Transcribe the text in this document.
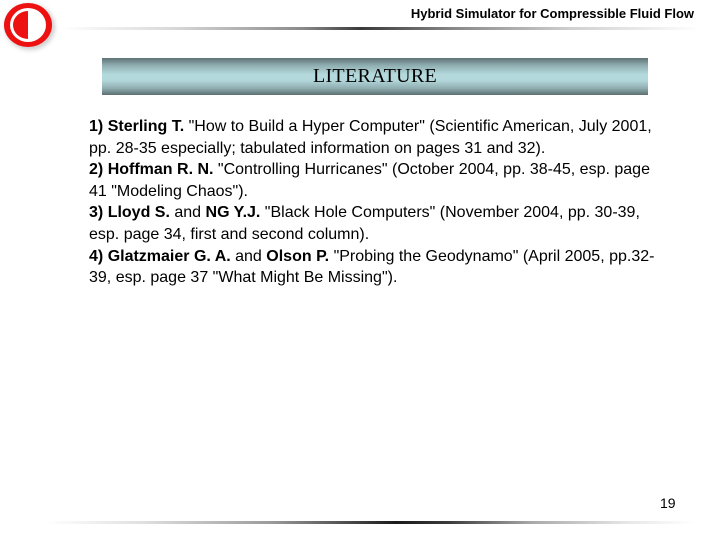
Hybrid Simulator for Compressible Fluid Flow
LITERATURE

1) Sterling T. "How to Build a Hyper Computer" (Scientific American, July 2001, pp. 28-35 especially; tabulated information on pages 31 and 32).

2) Hoffman R. N. "Controlling Hurricanes" (October 2004, pp. 38-45, esp. page 41 "Modeling Chaos").

3) Lloyd S. and NG Y.J. "Black Hole Computers" (November 2004, pp. 30-39, esp. page 34, first and second column).

4) Glatzmaier G. A. and Olson P. "Probing the Geodynamo" (April 2005, pp.32-39, esp. page 37 "What Might Be Missing").

19
